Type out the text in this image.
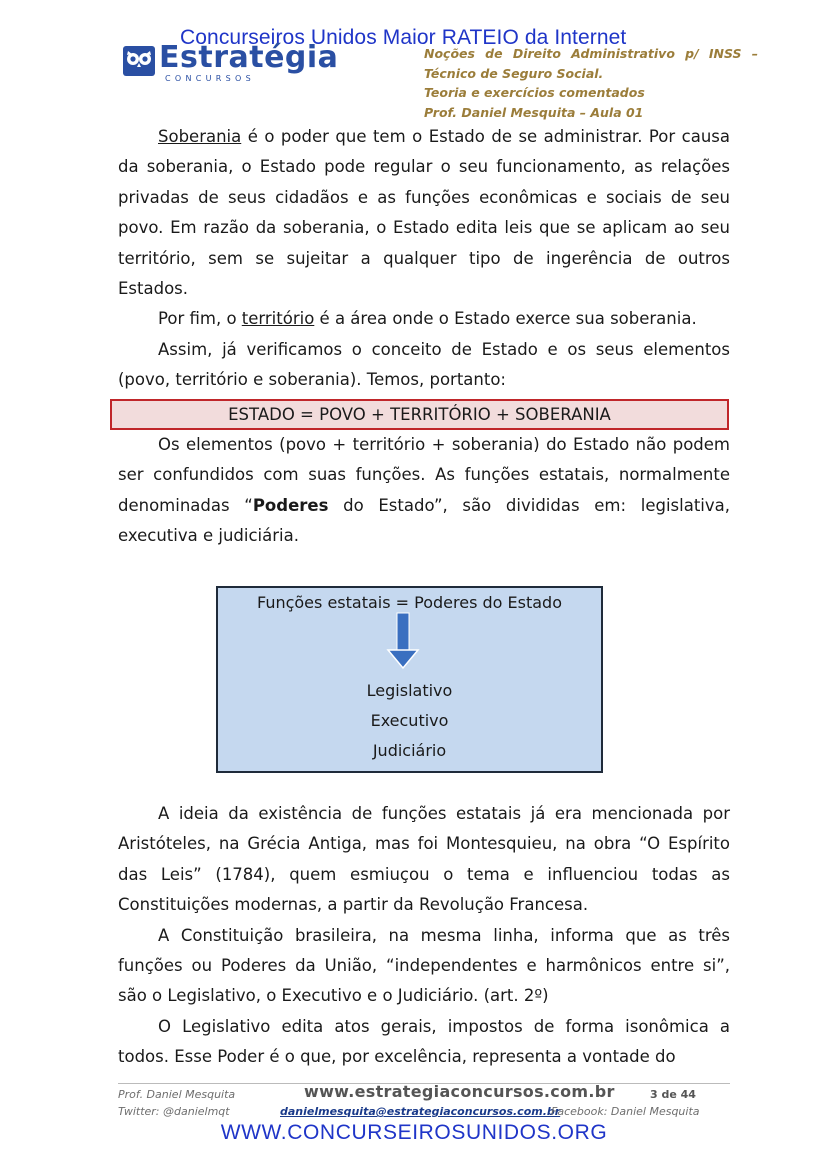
Concurseiros Unidos Maior RATEIO da Internet
Estratégia
CONCURSOS
Noções de Direito Administrativo p/ INSS –
Técnico de Seguro Social.
Teoria e exercícios comentados
Prof. Daniel Mesquita – Aula 01

Soberania é o poder que tem o Estado de se administrar. Por causa da soberania, o Estado pode regular o seu funcionamento, as relações privadas de seus cidadãos e as funções econômicas e sociais de seu povo. Em razão da soberania, o Estado edita leis que se aplicam ao seu território, sem se sujeitar a qualquer tipo de ingerência de outros Estados.

Por fim, o território é a área onde o Estado exerce sua soberania.

Assim, já verificamos o conceito de Estado e os seus elementos (povo, território e soberania). Temos, portanto:

ESTADO = POVO + TERRITÓRIO + SOBERANIA

Os elementos (povo + território + soberania) do Estado não podem ser confundidos com suas funções. As funções estatais, normalmente denominadas “Poderes do Estado”, são divididas em: legislativa, executiva e judiciária.

Funções estatais = Poderes do Estado
Legislativo
Executivo
Judiciário

A ideia da existência de funções estatais já era mencionada por Aristóteles, na Grécia Antiga, mas foi Montesquieu, na obra “O Espírito das Leis” (1784), quem esmiuçou o tema e influenciou todas as Constituições modernas, a partir da Revolução Francesa.

A Constituição brasileira, na mesma linha, informa que as três funções ou Poderes da União, “independentes e harmônicos entre si”, são o Legislativo, o Executivo e o Judiciário. (art. 2º)

O Legislativo edita atos gerais, impostos de forma isonômica a todos. Esse Poder é o que, por excelência, representa a vontade do

Prof. Daniel Mesquita	www.estrategiaconcursos.com.br	3 de 44
Twitter: @danielmqt	danielmesquita@estrategiaconcursos.com.br
Facebook: Daniel Mesquita
WWW.CONCURSEIROSUNIDOS.ORG
